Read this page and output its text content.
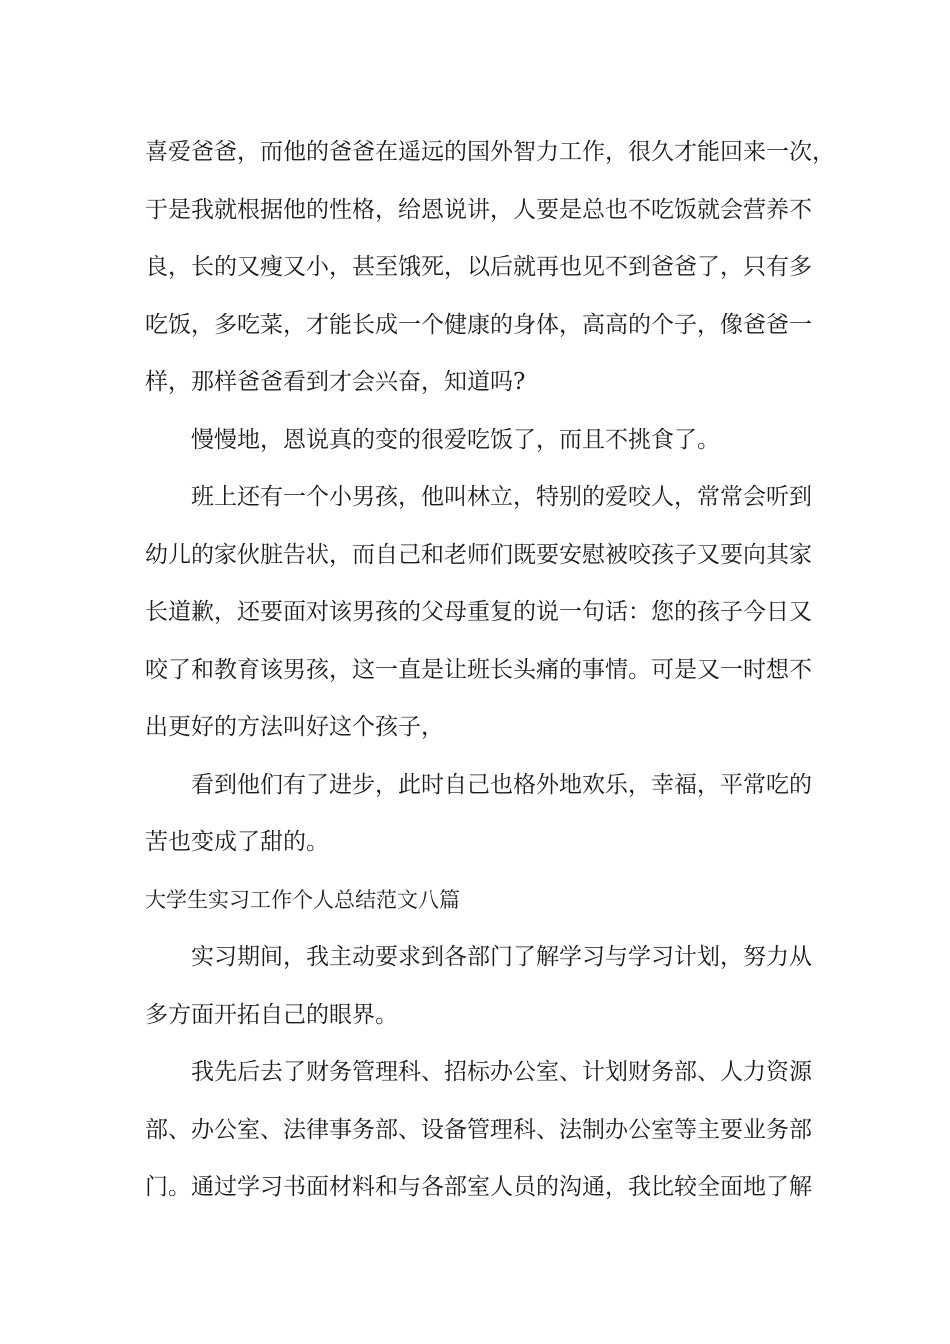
喜爱爸爸，而他的爸爸在遥远的国外智力工作，很久才能回来一次，
于是我就根据他的性格，给恩说讲，人要是总也不吃饭就会营养不
良，长的又瘦又小，甚至饿死，以后就再也见不到爸爸了，只有多
吃饭，多吃菜，才能长成一个健康的身体，高高的个子，像爸爸一
样，那样爸爸看到才会兴奋，知道吗?
慢慢地，恩说真的变的很爱吃饭了，而且不挑食了。
班上还有一个小男孩，他叫林立，特别的爱咬人，常常会听到
幼儿的家伙脏告状，而自己和老师们既要安慰被咬孩子又要向其家
长道歉，还要面对该男孩的父母重复的说一句话：您的孩子今日又
咬了和教育该男孩，这一直是让班长头痛的事情。可是又一时想不
出更好的方法叫好这个孩子，
看到他们有了进步，此时自己也格外地欢乐，幸福，平常吃的
苦也变成了甜的。
大学生实习工作个人总结范文八篇
实习期间，我主动要求到各部门了解学习与学习计划，努力从
多方面开拓自己的眼界。
我先后去了财务管理科、招标办公室、计划财务部、人力资源
部、办公室、法律事务部、设备管理科、法制办公室等主要业务部
门。通过学习书面材料和与各部室人员的沟通，我比较全面地了解
